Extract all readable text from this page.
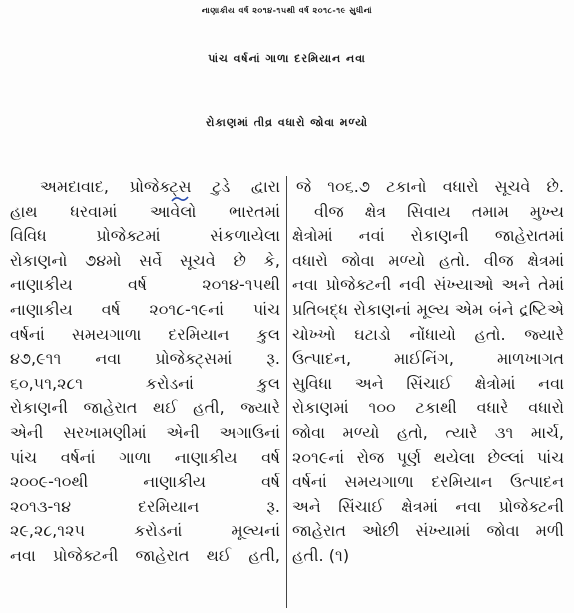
નાણાકીય વર્ષ ૨૦૧૪-૧૫થી વર્ષ ૨૦૧૮-૧૯ સુધીનાં
પાંચ વર્ષનાં ગાળા દરમિયાન નવા
રોકાણમાં તીવ્ર વધારો જોવા મળ્યો
અમદાવાદ, પ્રોજેક્ટ્સ ટુડે દ્વારા
હાથ ધરવામાં આવેલો ભારતમાં
વિવિધ પ્રોજેક્ટમાં સંકળાયેલા
રોકાણનો ૭૪મો સર્વે સૂચવે છે કે,
નાણાકીય વર્ષ ૨૦૧૪-૧૫થી
નાણાકીય વર્ષ ૨૦૧૮-૧૯નાં પાંચ
વર્ષનાં સમયગાળા દરમિયાન કુલ
૪૭,૯૧૧ નવા પ્રોજેક્ટ્સમાં રૂ.
૬૦,૫૧,૨૮૧ કરોડનાં કુલ
રોકાણની જાહેરાત થઈ હતી, જ્યારે
એની સરખામણીમાં એની અગાઉનાં
પાંચ વર્ષનાં ગાળા નાણાકીય વર્ષ
૨૦૦૯-૧૦થી નાણાકીય વર્ષ
૨૦૧૩-૧૪ દરમિયાન રૂ.
૨૯,૨૮,૧૨૫ કરોડનાં મૂલ્યનાં
નવા પ્રોજેક્ટની જાહેરાત થઈ હતી,
જે ૧૦૬.૭ ટકાનો વધારો સૂચવે છે.
વીજ ક્ષેત્ર સિવાય તમામ મુખ્ય
ક્ષેત્રોમાં નવાં રોકાણની જાહેરાતમાં
વધારો જોવા મળ્યો હતો. વીજ ક્ષેત્રમાં
નવા પ્રોજેક્ટની નવી સંખ્યાઓ અને તેમાં
પ્રતિબદ્ધ રોકાણનાં મૂલ્ય એમ બંને દ્રષ્ટિએ
ચોખ્ખો ઘટાડો નોંધાયો હતો. જ્યારે
ઉત્પાદન, માઈનિંગ, માળખાગત
સુવિધા અને સિંચાઈ ક્ષેત્રોમાં નવા
રોકાણમાં ૧૦૦ ટકાથી વધારે વધારો
જોવા મળ્યો હતો, ત્યારે ૩૧ માર્ચ,
૨૦૧૯નાં રોજ પૂર્ણ થયેલા છેલ્લાં પાંચ
વર્ષનાં સમયગાળા દરમિયાન ઉત્પાદન
અને સિંચાઈ ક્ષેત્રમાં નવા પ્રોજેક્ટની
જાહેરાત ઓછી સંખ્યામાં જોવા મળી
હતી. (૧)
